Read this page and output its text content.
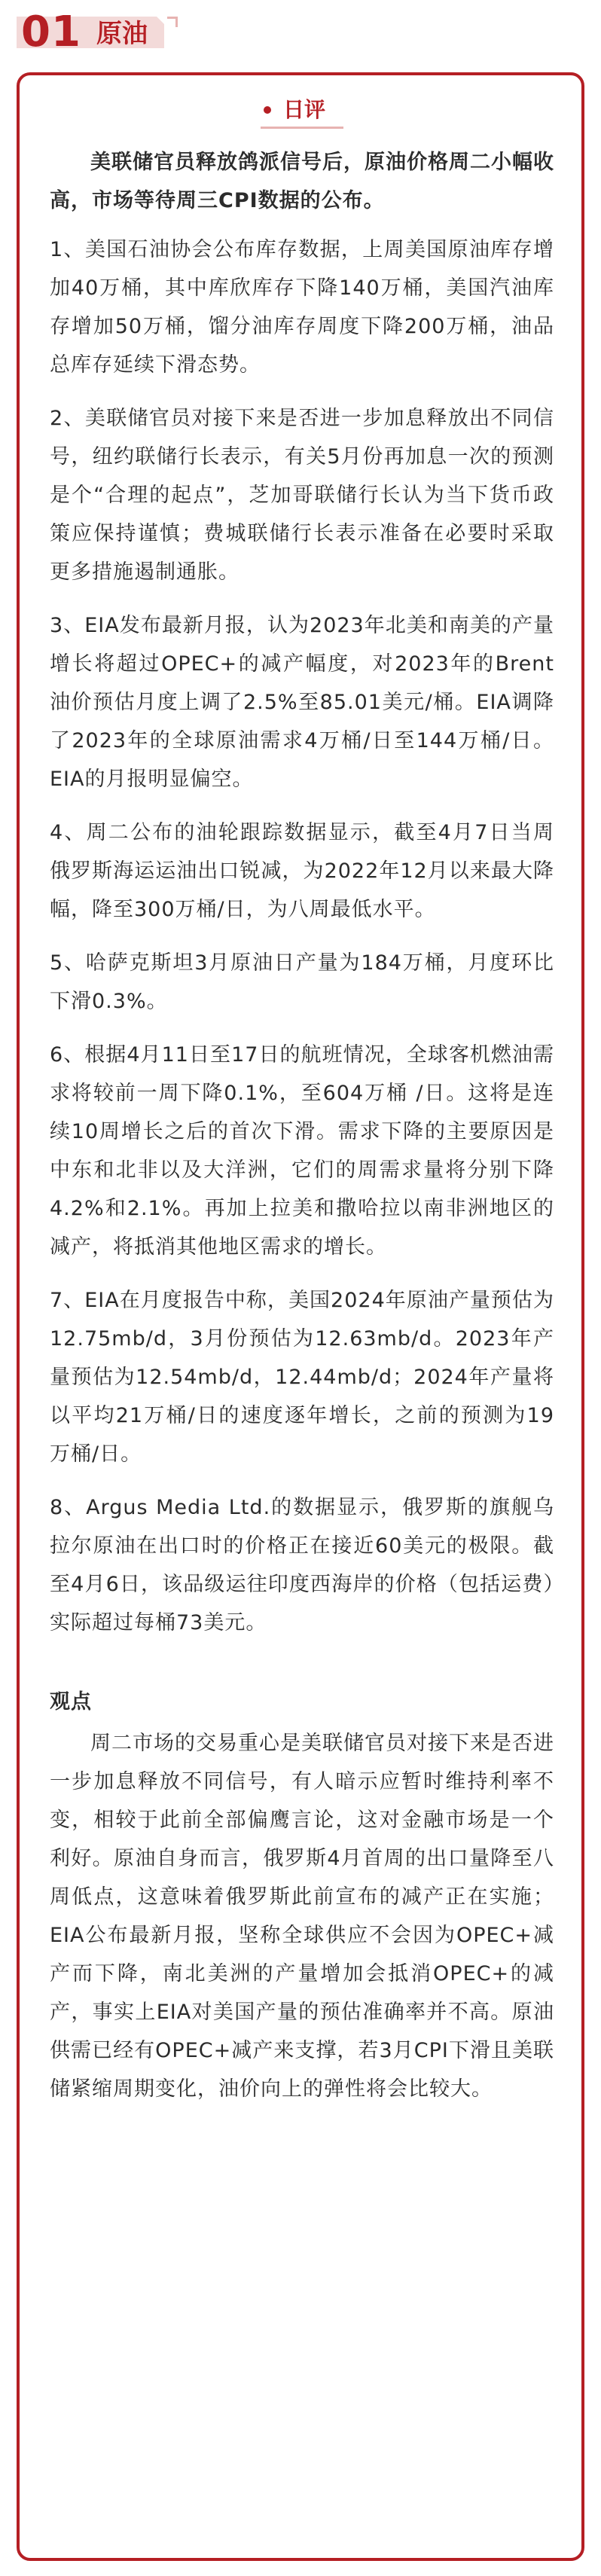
01 原油
日评

美联储官员释放鸽派信号后，原油价格周二小幅收高，市场等待周三CPI数据的公布。

1、美国石油协会公布库存数据，上周美国原油库存增加40万桶，其中库欣库存下降140万桶，美国汽油库存增加50万桶，馏分油库存周度下降200万桶，油品总库存延续下滑态势。

2、美联储官员对接下来是否进一步加息释放出不同信号，纽约联储行长表示，有关5月份再加息一次的预测是个“合理的起点”，芝加哥联储行长认为当下货币政策应保持谨慎；费城联储行长表示准备在必要时采取更多措施遏制通胀。

3、EIA发布最新月报，认为2023年北美和南美的产量增长将超过OPEC+的减产幅度，对2023年的Brent油价预估月度上调了2.5%至85.01美元/桶。EIA调降了2023年的全球原油需求4万桶/日至144万桶/日。EIA的月报明显偏空。

4、周二公布的油轮跟踪数据显示，截至4月7日当周俄罗斯海运运油出口锐减，为2022年12月以来最大降幅，降至300万桶/日，为八周最低水平。

5、哈萨克斯坦3月原油日产量为184万桶，月度环比下滑0.3%。

6、根据4月11日至17日的航班情况，全球客机燃油需求将较前一周下降0.1%，至604万桶 /日。这将是连续10周增长之后的首次下滑。需求下降的主要原因是中东和北非以及大洋洲，它们的周需求量将分别下降4.2%和2.1%。再加上拉美和撒哈拉以南非洲地区的减产，将抵消其他地区需求的增长。

7、EIA在月度报告中称，美国2024年原油产量预估为12.75mb/d，3月份预估为12.63mb/d。2023年产量预估为12.54mb/d，12.44mb/d；2024年产量将以平均21万桶/日的速度逐年增长，之前的预测为19万桶/日。

8、Argus Media Ltd.的数据显示，俄罗斯的旗舰乌拉尔原油在出口时的价格正在接近60美元的极限。截至4月6日，该品级运往印度西海岸的价格（包括运费）实际超过每桶73美元。

观点

周二市场的交易重心是美联储官员对接下来是否进一步加息释放不同信号，有人暗示应暂时维持利率不变，相较于此前全部偏鹰言论，这对金融市场是一个利好。原油自身而言，俄罗斯4月首周的出口量降至八周低点，这意味着俄罗斯此前宣布的减产正在实施；EIA公布最新月报，坚称全球供应不会因为OPEC+减产而下降，南北美洲的产量增加会抵消OPEC+的减产，事实上EIA对美国产量的预估准确率并不高。原油供需已经有OPEC+减产来支撑，若3月CPI下滑且美联储紧缩周期变化，油价向上的弹性将会比较大。
